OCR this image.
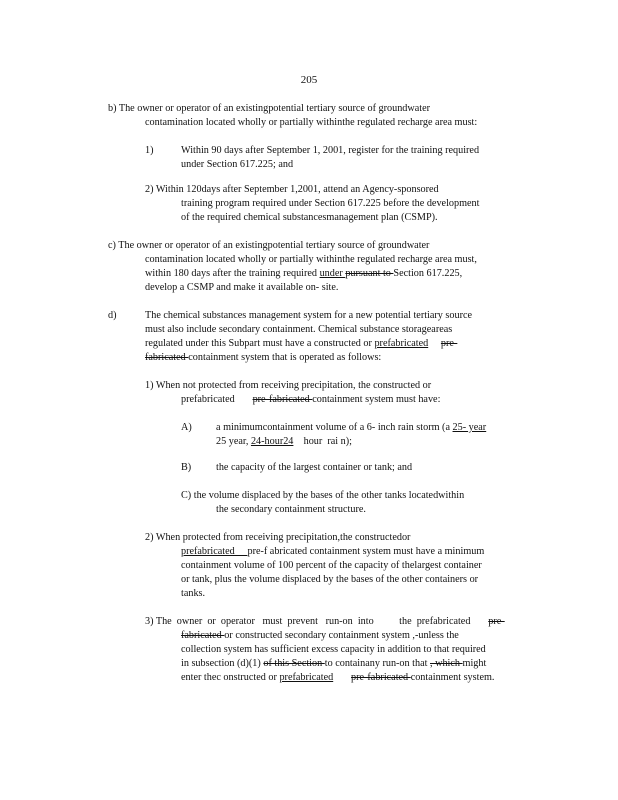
205
b) The owner or operator of an existingpotential tertiary source of groundwater
contamination located wholly or partially withinthe regulated recharge area must:
1)	Within 90 days after September 1, 2001, register for the training required
under Section 617.225; and
2) Within 120days after September 1,2001, attend an Agency-sponsored
training program required under Section 617.225 before the development
of the required chemical substancesmanagement plan (CSMP).
c) The owner or operator of an existingpotential tertiary source of groundwater
contamination located wholly or partially withinthe regulated recharge area must,
within 180 days after the training required under pursuant to Section 617.225,
develop a CSMP and make it available on- site.
d)	The chemical substances management system for a new potential tertiary source
must also include secondary containment. Chemical substance storageareas
regulated under this Subpart must have a constructed or prefabricated pre-
fabricated containment system that is operated as follows:
1) When not protected from receiving precipitation, the constructed or
prefabricated       pre-fabricated containment system must have:
A) a minimumcontainment volume of a 6- inch rain storm (a 25- year
25 year, 24-hour24    hour  rai n);
B) the capacity of the largest container or tank; and
C) the volume displaced by the bases of the other tanks locatedwithin
the secondary containment structure.
2) When protected from receiving precipitation,the constructedor
prefabricated     pre-f abricated containment system must have a minimum
containment volume of 100 percent of the capacity of thelargest container
or tank, plus the volume displaced by the bases of the other containers or
tanks.
3) The  owner  or  operator   must  prevent   run-on  into          the  prefabricated       pre-
fabricated or constructed secondary containment system ,-unless the
collection system has sufficient excess capacity in addition to that required
in subsection (d)(1) of this Section to containany run-on that , which might
enter thec onstructed or prefabricated pre-fabricated containment system.
